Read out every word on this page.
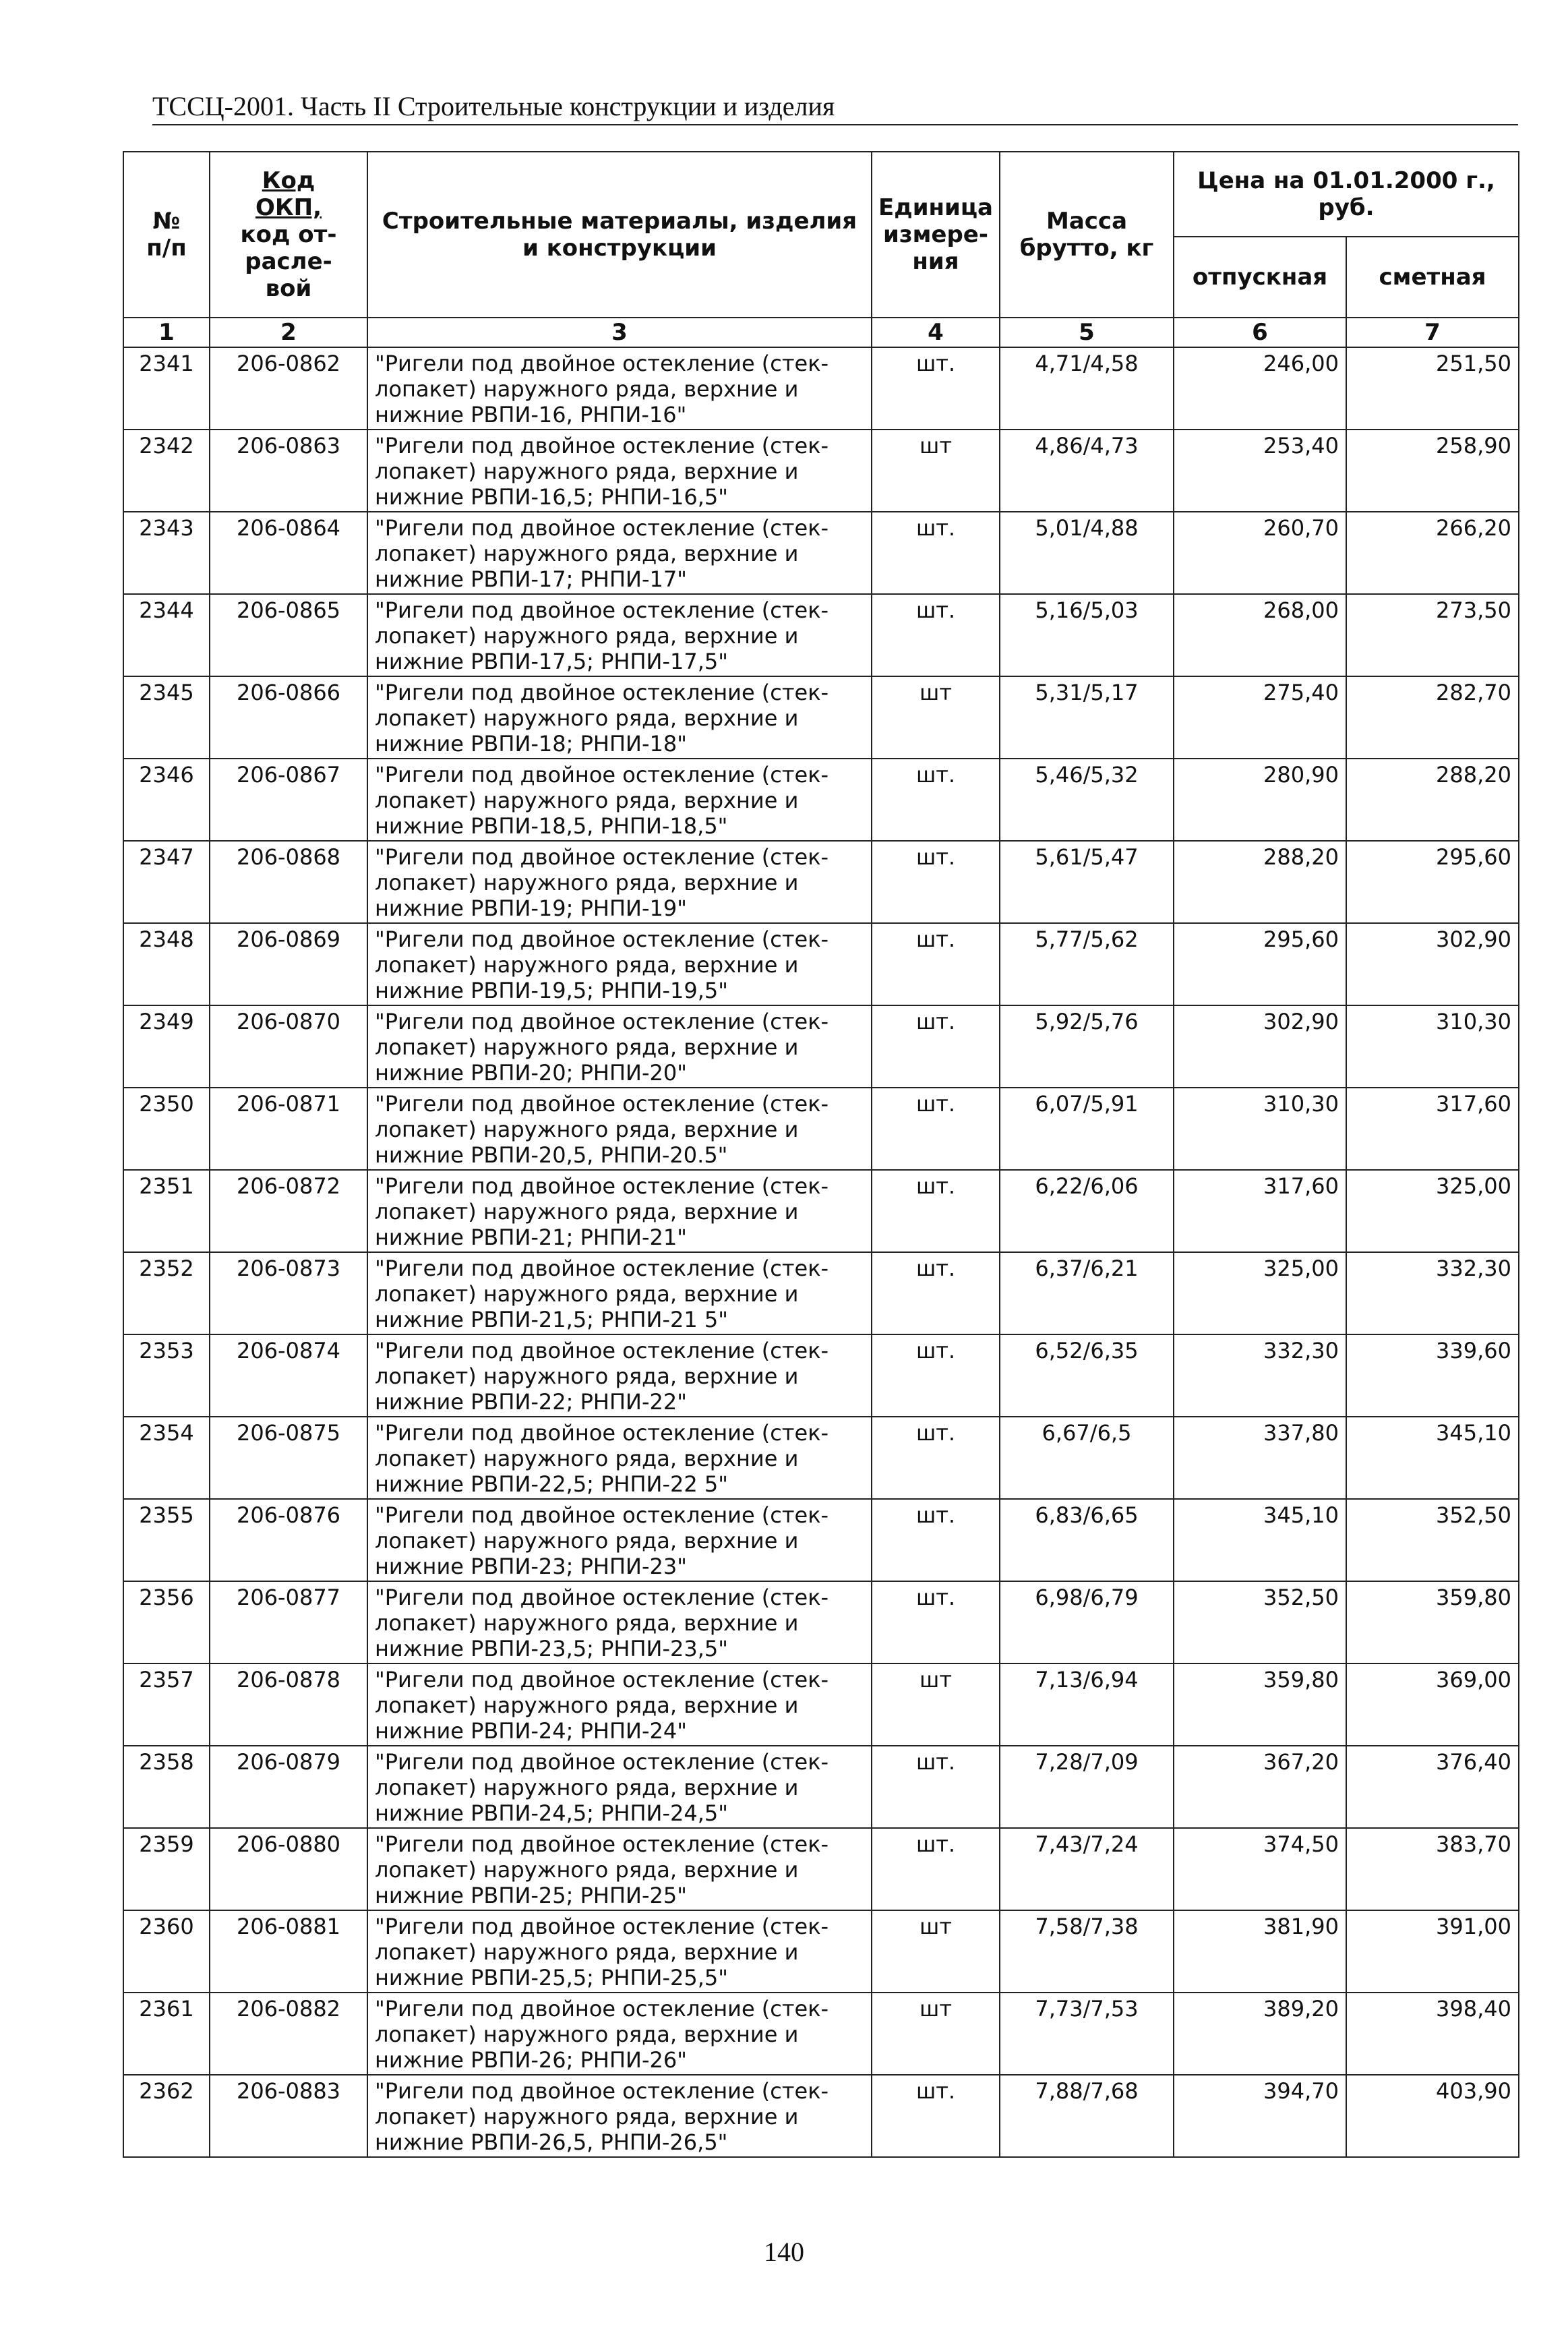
ТССЦ-2001. Часть II Строительные конструкции и изделия
№
п/п	Код
ОКП,
код от-
расле-
вой	Строительные материалы, изделия
и конструкции	Единица
измере-
ния	Масса
брутто, кг	Цена на 01.01.2000 г.,
руб.	
					отпускная	сметная
1	2	3	4	5	6	7
2341	206-0862	"Ригели под двойное остекление (стек-
лопакет) наружного ряда, верхние и
нижние РВПИ-16, РНПИ-16"	шт.	4,71/4,58	246,00	251,50
2342	206-0863	"Ригели под двойное остекление (стек-
лопакет) наружного ряда, верхние и
нижние РВПИ-16,5; РНПИ-16,5"	шт	4,86/4,73	253,40	258,90
2343	206-0864	"Ригели под двойное остекление (стек-
лопакет) наружного ряда, верхние и
нижние РВПИ-17; РНПИ-17"	шт.	5,01/4,88	260,70	266,20
2344	206-0865	"Ригели под двойное остекление (стек-
лопакет) наружного ряда, верхние и
нижние РВПИ-17,5; РНПИ-17,5"	шт.	5,16/5,03	268,00	273,50
2345	206-0866	"Ригели под двойное остекление (стек-
лопакет) наружного ряда, верхние и
нижние РВПИ-18; РНПИ-18"	шт	5,31/5,17	275,40	282,70
2346	206-0867	"Ригели под двойное остекление (стек-
лопакет) наружного ряда, верхние и
нижние РВПИ-18,5, РНПИ-18,5"	шт.	5,46/5,32	280,90	288,20
2347	206-0868	"Ригели под двойное остекление (стек-
лопакет) наружного ряда, верхние и
нижние РВПИ-19; РНПИ-19"	шт.	5,61/5,47	288,20	295,60
2348	206-0869	"Ригели под двойное остекление (стек-
лопакет) наружного ряда, верхние и
нижние РВПИ-19,5; РНПИ-19,5"	шт.	5,77/5,62	295,60	302,90
2349	206-0870	"Ригели под двойное остекление (стек-
лопакет) наружного ряда, верхние и
нижние РВПИ-20; РНПИ-20"	шт.	5,92/5,76	302,90	310,30
2350	206-0871	"Ригели под двойное остекление (стек-
лопакет) наружного ряда, верхние и
нижние РВПИ-20,5, РНПИ-20.5"	шт.	6,07/5,91	310,30	317,60
2351	206-0872	"Ригели под двойное остекление (стек-
лопакет) наружного ряда, верхние и
нижние РВПИ-21; РНПИ-21"	шт.	6,22/6,06	317,60	325,00
2352	206-0873	"Ригели под двойное остекление (стек-
лопакет) наружного ряда, верхние и
нижние РВПИ-21,5; РНПИ-21 5"	шт.	6,37/6,21	325,00	332,30
2353	206-0874	"Ригели под двойное остекление (стек-
лопакет) наружного ряда, верхние и
нижние РВПИ-22; РНПИ-22"	шт.	6,52/6,35	332,30	339,60
2354	206-0875	"Ригели под двойное остекление (стек-
лопакет) наружного ряда, верхние и
нижние РВПИ-22,5; РНПИ-22 5"	шт.	6,67/6,5	337,80	345,10
2355	206-0876	"Ригели под двойное остекление (стек-
лопакет) наружного ряда, верхние и
нижние РВПИ-23; РНПИ-23"	шт.	6,83/6,65	345,10	352,50
2356	206-0877	"Ригели под двойное остекление (стек-
лопакет) наружного ряда, верхние и
нижние РВПИ-23,5; РНПИ-23,5"	шт.	6,98/6,79	352,50	359,80
2357	206-0878	"Ригели под двойное остекление (стек-
лопакет) наружного ряда, верхние и
нижние РВПИ-24; РНПИ-24"	шт	7,13/6,94	359,80	369,00
2358	206-0879	"Ригели под двойное остекление (стек-
лопакет) наружного ряда, верхние и
нижние РВПИ-24,5; РНПИ-24,5"	шт.	7,28/7,09	367,20	376,40
2359	206-0880	"Ригели под двойное остекление (стек-
лопакет) наружного ряда, верхние и
нижние РВПИ-25; РНПИ-25"	шт.	7,43/7,24	374,50	383,70
2360	206-0881	"Ригели под двойное остекление (стек-
лопакет) наружного ряда, верхние и
нижние РВПИ-25,5; РНПИ-25,5"	шт	7,58/7,38	381,90	391,00
2361	206-0882	"Ригели под двойное остекление (стек-
лопакет) наружного ряда, верхние и
нижние РВПИ-26; РНПИ-26"	шт	7,73/7,53	389,20	398,40
2362	206-0883	"Ригели под двойное остекление (стек-
лопакет) наружного ряда, верхние и
нижние РВПИ-26,5, РНПИ-26,5"	шт.	7,88/7,68	394,70	403,90
140
